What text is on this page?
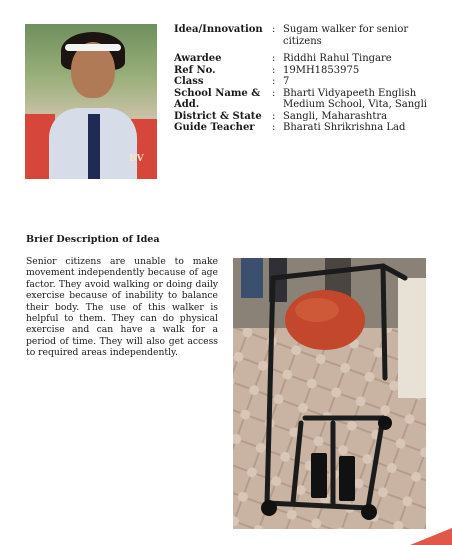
BV
Idea/Innovation : Sugam walker for senior citizens
Awardee	: Riddhi Rahul Tingare
Ref No.	: 19MH1853975
Class	: 7
School Name & Add.
: Bharti Vidyapeeth English Medium School, Vita, Sangli
District & State	: Sangli, Maharashtra
Guide Teacher	: Bharati Shrikrishna Lad
Brief Description of Idea
Senior citizens are unable to make movement independently because of age factor. They avoid walking or doing daily exercise because of inability to balance their body. The use of this walker is helpful to them. They can do physical exercise and can have a walk for a period of time. They will also get access to required areas independently.
